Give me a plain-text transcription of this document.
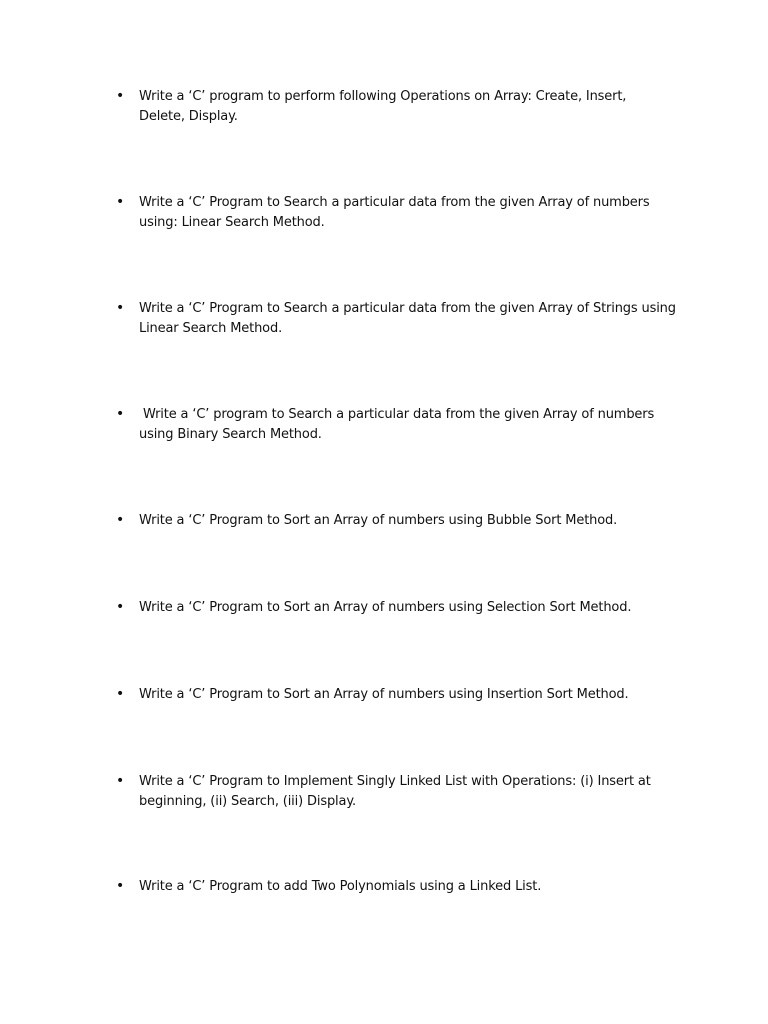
•	Write a ‘C’ program to perform following Operations on Array: Create, Insert, Delete, Display.
•	Write a ‘C’ Program to Search a particular data from the given Array of numbers using: Linear Search Method.
•	Write a ‘C’ Program to Search a particular data from the given Array of Strings using Linear Search Method.
•	Write a ‘C’ program to Search a particular data from the given Array of numbers using Binary Search Method.
•	Write a ‘C’ Program to Sort an Array of numbers using Bubble Sort Method.
•	Write a ‘C’ Program to Sort an Array of numbers using Selection Sort Method.
•	Write a ‘C’ Program to Sort an Array of numbers using Insertion Sort Method.
•	Write a ‘C’ Program to Implement Singly Linked List with Operations: (i) Insert at beginning, (ii) Search, (iii) Display.
•	Write a ‘C’ Program to add Two Polynomials using a Linked List.
